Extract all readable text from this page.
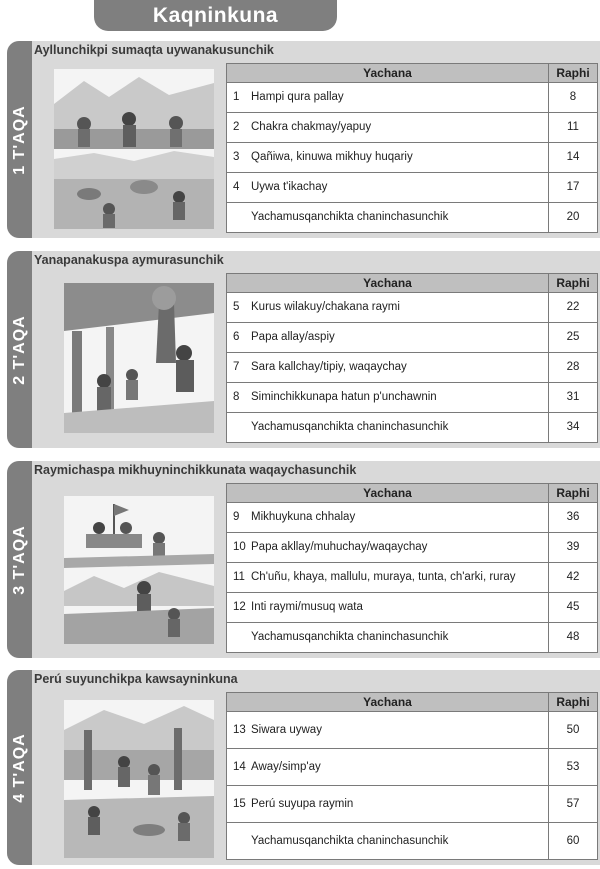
Kaqninkuna
1 T'AQA
Ayllunchikpi sumaqta uywanakusunchik
Yachana	Raphi
1 Hampi qura pallay	8
2 Chakra chakmay/yapuy	11
3 Qañiwa, kinuwa mikhuy huqariy	14
4 Uywa t'ikachay	17
Yachamusqanchikta chaninchasunchik	20
2 T'AQA
Yanapanakuspa aymurasunchik
Yachana	Raphi
5 Kurus wilakuy/chakana raymi	22
6 Papa allay/aspiy	25
7 Sara kallchay/tipiy, waqaychay	28
8 Siminchikkunapa hatun p'unchawnin	31
Yachamusqanchikta chaninchasunchik	34
3 T'AQA
Raymichaspa mikhuyninchikkunata waqaychasunchik
Yachana	Raphi
9 Mikhuykuna chhalay	36
10 Papa akllay/muhuchay/waqaychay	39

11 Ch'uñu, khaya, mallulu, muraya, tunta, ch'arki, ruray	42
12 Inti raymi/musuq wata	45
Yachamusqanchikta chaninchasunchik	48
4 T'AQA
Perú suyunchikpa kawsayninkuna
Yachana	Raphi
13 Siwara uyway	50
14 Away/simp'ay	53
15 Perú suyupa raymin	57
Yachamusqanchikta chaninchasunchik	60
